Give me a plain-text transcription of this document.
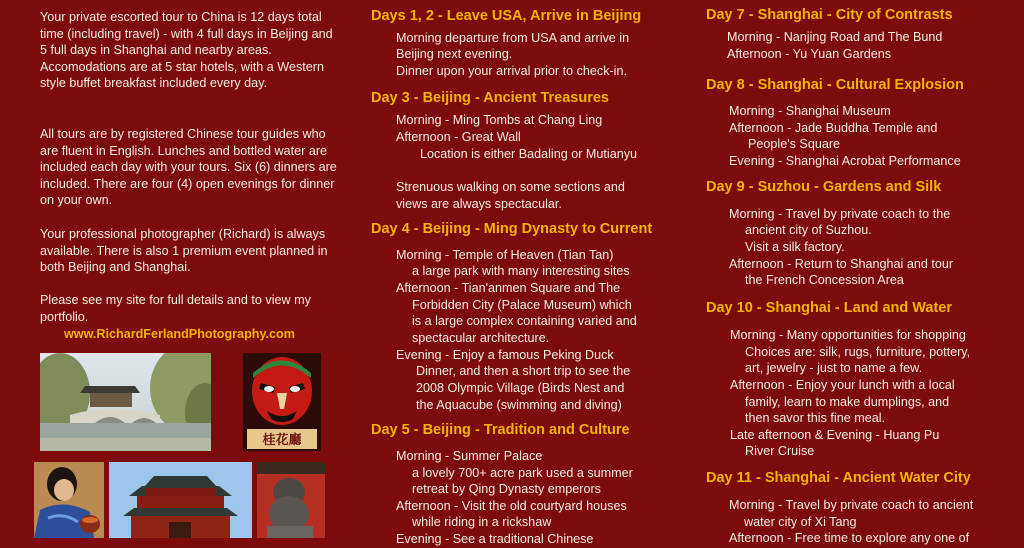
Your private escorted tour to China is 12 days total time (including travel) - with 4 full days in Beijing and 5 full days in Shanghai and nearby areas. Accomodations are at 5 star hotels, with a Western style buffet breakfast included every day.

All tours are by registered Chinese tour guides who are fluent in English. Lunches and bottled water are included each day with your tours. Six (6) dinners are included. There are four (4) open evenings for dinner on your own.

Your professional photographer (Richard) is always available. There is also 1 premium event planned in both Beijing and Shanghai.

Please see my site for full details and to view my portfolio.

www.RichardFerlandPhotography.com
桂花廳
Days 1, 2 - Leave USA, Arrive in Beijing
Morning departure from USA and arrive in
Beijing next evening.
Dinner upon your arrival prior to check-in.
Day 3 - Beijing - Ancient Treasures
Morning - Ming Tombs at Chang Ling
Afternoon - Great Wall
Location is either Badaling or Mutianyu
Strenuous walking on some sections and
views are always spectacular.
Day 4 - Beijing - Ming Dynasty to Current
Morning - Temple of Heaven (Tian Tan)
a large park with many interesting sites
Afternoon - Tian'anmen Square and The
Forbidden City (Palace Museum) which
is a large complex containing varied and
spectacular architecture.
Evening - Enjoy a famous Peking Duck
Dinner, and then a short trip to see the
2008 Olympic Village (Birds Nest and
the Aquacube (swimming and diving)
Day 5 - Beijing - Tradition and Culture
Morning - Summer Palace
a lovely 700+ acre park used a summer
retreat by Qing Dynasty emperors
Afternoon - Visit the old courtyard houses
while riding in a rickshaw
Evening - See a traditional Chinese
Day 7 - Shanghai - City of Contrasts
Morning - Nanjing Road and The Bund
Afternoon - Yu Yuan Gardens
Day 8 - Shanghai - Cultural Explosion
Morning - Shanghai Museum
Afternoon - Jade Buddha Temple and
People's Square
Evening - Shanghai Acrobat Performance
Day 9 - Suzhou - Gardens and Silk
Morning - Travel by private coach to the
ancient city of Suzhou.
Visit a silk factory.
Afternoon - Return to Shanghai and tour
the French Concession Area
Day 10 - Shanghai - Land and Water
Morning - Many opportunities for shopping
Choices are: silk, rugs, furniture, pottery,
art, jewelry - just to name a few.
Afternoon - Enjoy your lunch with a local
family, learn to make dumplings, and
then savor this fine meal.
Late afternoon & Evening - Huang Pu
River Cruise
Day 11 - Shanghai - Ancient Water City
Morning - Travel by private coach to ancient
water city of Xi Tang
Afternoon - Free time to explore any one of
